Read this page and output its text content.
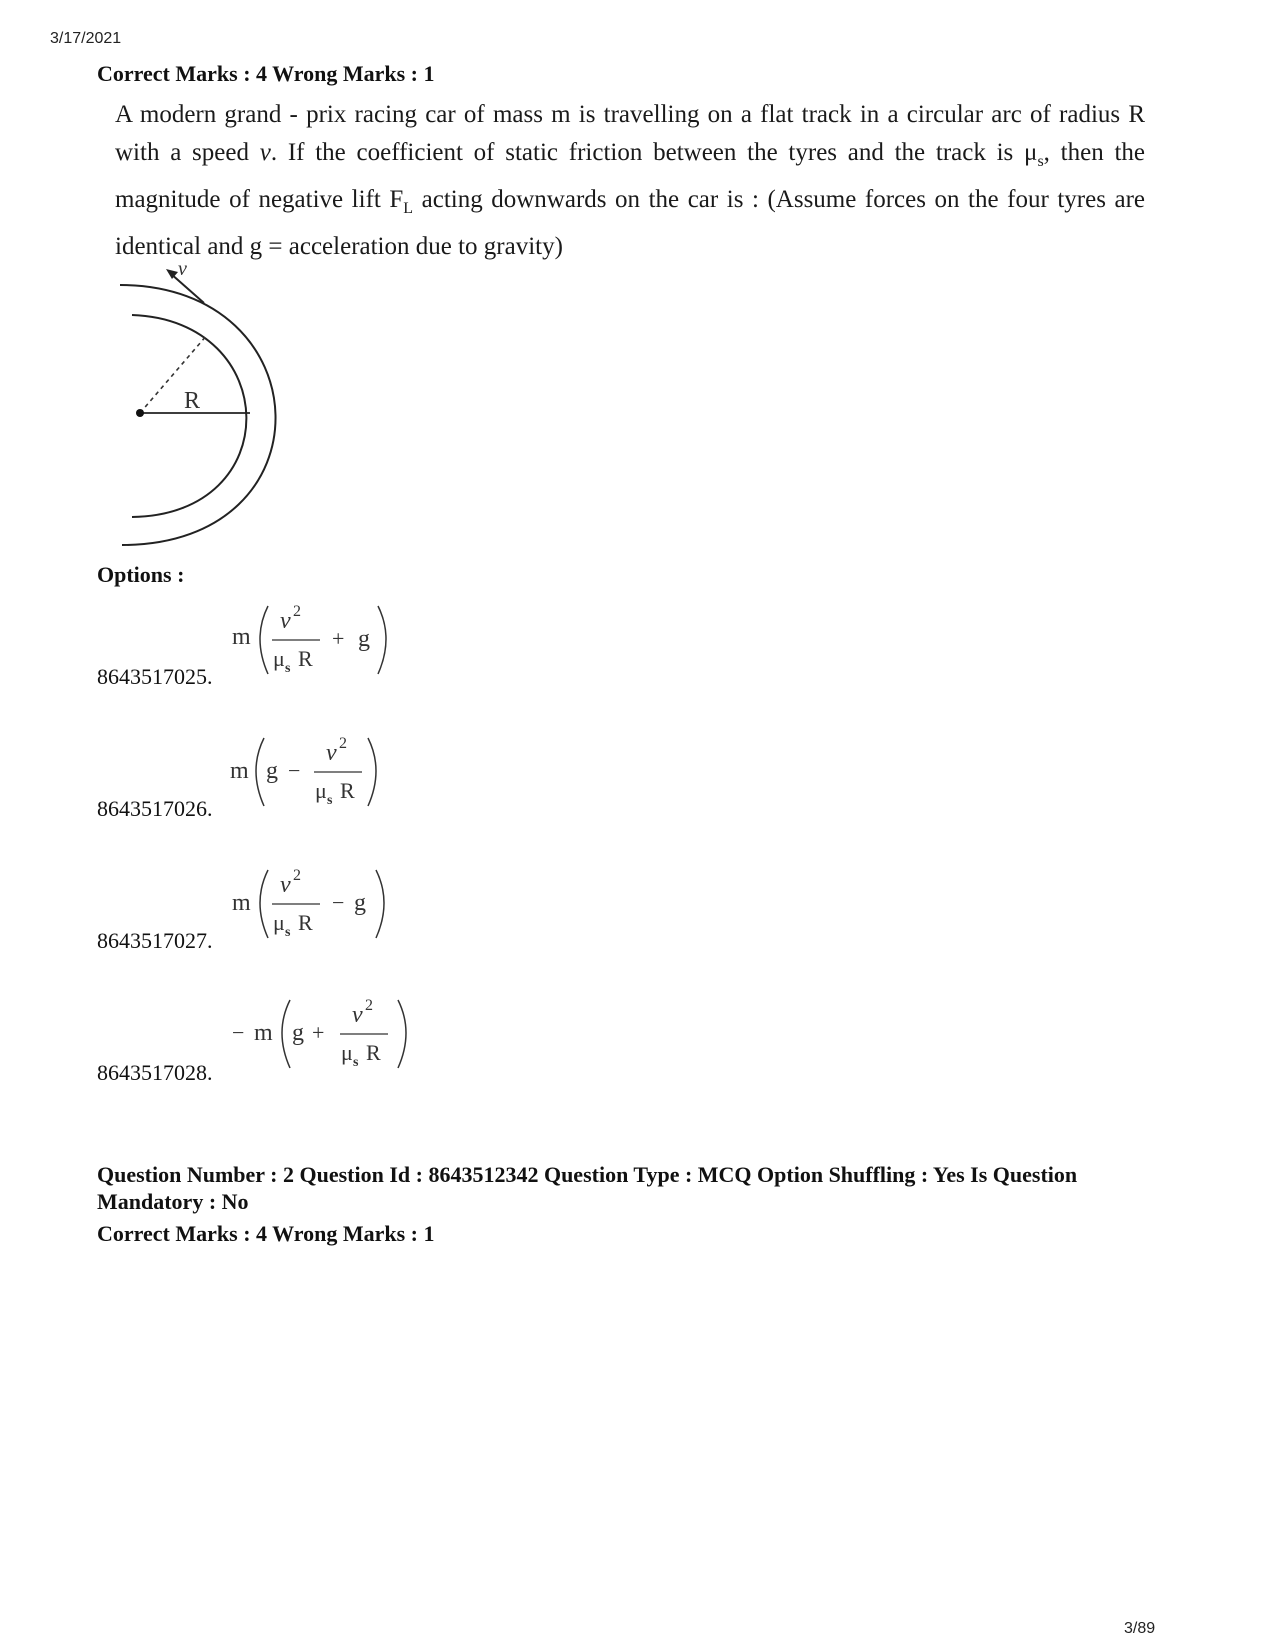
3/17/2021
Correct Marks : 4 Wrong Marks : 1
A modern grand - prix racing car of mass m is travelling on a flat track in a circular arc of radius R with a speed v. If the coefficient of static friction between the tyres and the track is $\mu_s$, then the magnitude of negative lift $F_L$ acting downwards on the car is : (Assume forces on the four tyres are identical and g = acceleration due to gravity)
R
v
Options :
8643517025.
m
v 2
μ s R
+ g
8643517026.
m g −
v 2
μ s R
8643517027.
m
v 2
μ s R
− g
8643517028.
− m g +
v 2
μ s R
Question Number : 2 Question Id : 8643512342 Question Type : MCQ Option Shuffling : Yes Is Question Mandatory : No
Correct Marks : 4 Wrong Marks : 1
3/89
